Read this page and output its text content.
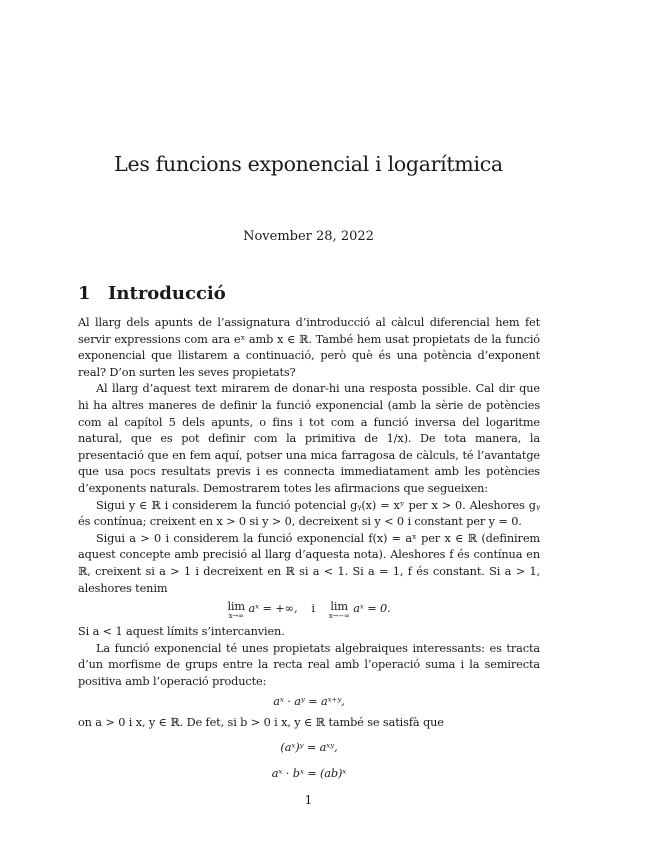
Les funcions exponencial i logarítmica
November 28, 2022
1 Introducció

Al llarg dels apunts de l’assignatura d’introducció al càlcul diferencial hem fet servir expressions com ara eˣ amb x ∈ ℝ. També hem usat propietats de la funció exponencial que llistarem a continuació, però què és una potència d’exponent real? D’on surten les seves propietats?

Al llarg d’aquest text mirarem de donar-hi una resposta possible. Cal dir que hi ha altres maneres de definir la funció exponencial (amb la sèrie de potències com al capítol 5 dels apunts, o fins i tot com a funció inversa del logaritme natural, que es pot definir com la primitiva de 1/x). De tota manera, la presentació que en fem aquí, potser una mica farragosa de càlculs, té l’avantatge que usa pocs resultats previs i es connecta immediatament amb les potències d’exponents naturals. Demostrarem totes les afirmacions que segueixen:

Sigui y ∈ ℝ i considerem la funció potencial gᵧ(x) = xʸ per x > 0. Aleshores gᵧ és contínua; creixent en x > 0 si y > 0, decreixent si y < 0 i constant per y = 0.

Sigui a > 0 i considerem la funció exponencial f(x) = aˣ per x ∈ ℝ (definirem aquest concepte amb precisió al llarg d’aquesta nota). Aleshores f és contínua en ℝ, creixent si a > 1 i decreixent en ℝ si a < 1. Si a = 1, f és constant. Si a > 1, aleshores tenim

lim
x→∞
aˣ = +∞, i lim
x→−∞
aˣ = 0.

Si a < 1 aquest límits s’intercanvien.

La funció exponencial té unes propietats algebraiques interessants: es tracta d’un morfisme de grups entre la recta real amb l’operació suma i la semirecta positiva amb l’operació producte:

aˣ · aʸ = aˣ⁺ʸ,

on a > 0 i x, y ∈ ℝ. De fet, si b > 0 i x, y ∈ ℝ també se satisfà que

(aˣ)ʸ = aˣʸ,
aˣ · bˣ = (ab)ˣ
1
